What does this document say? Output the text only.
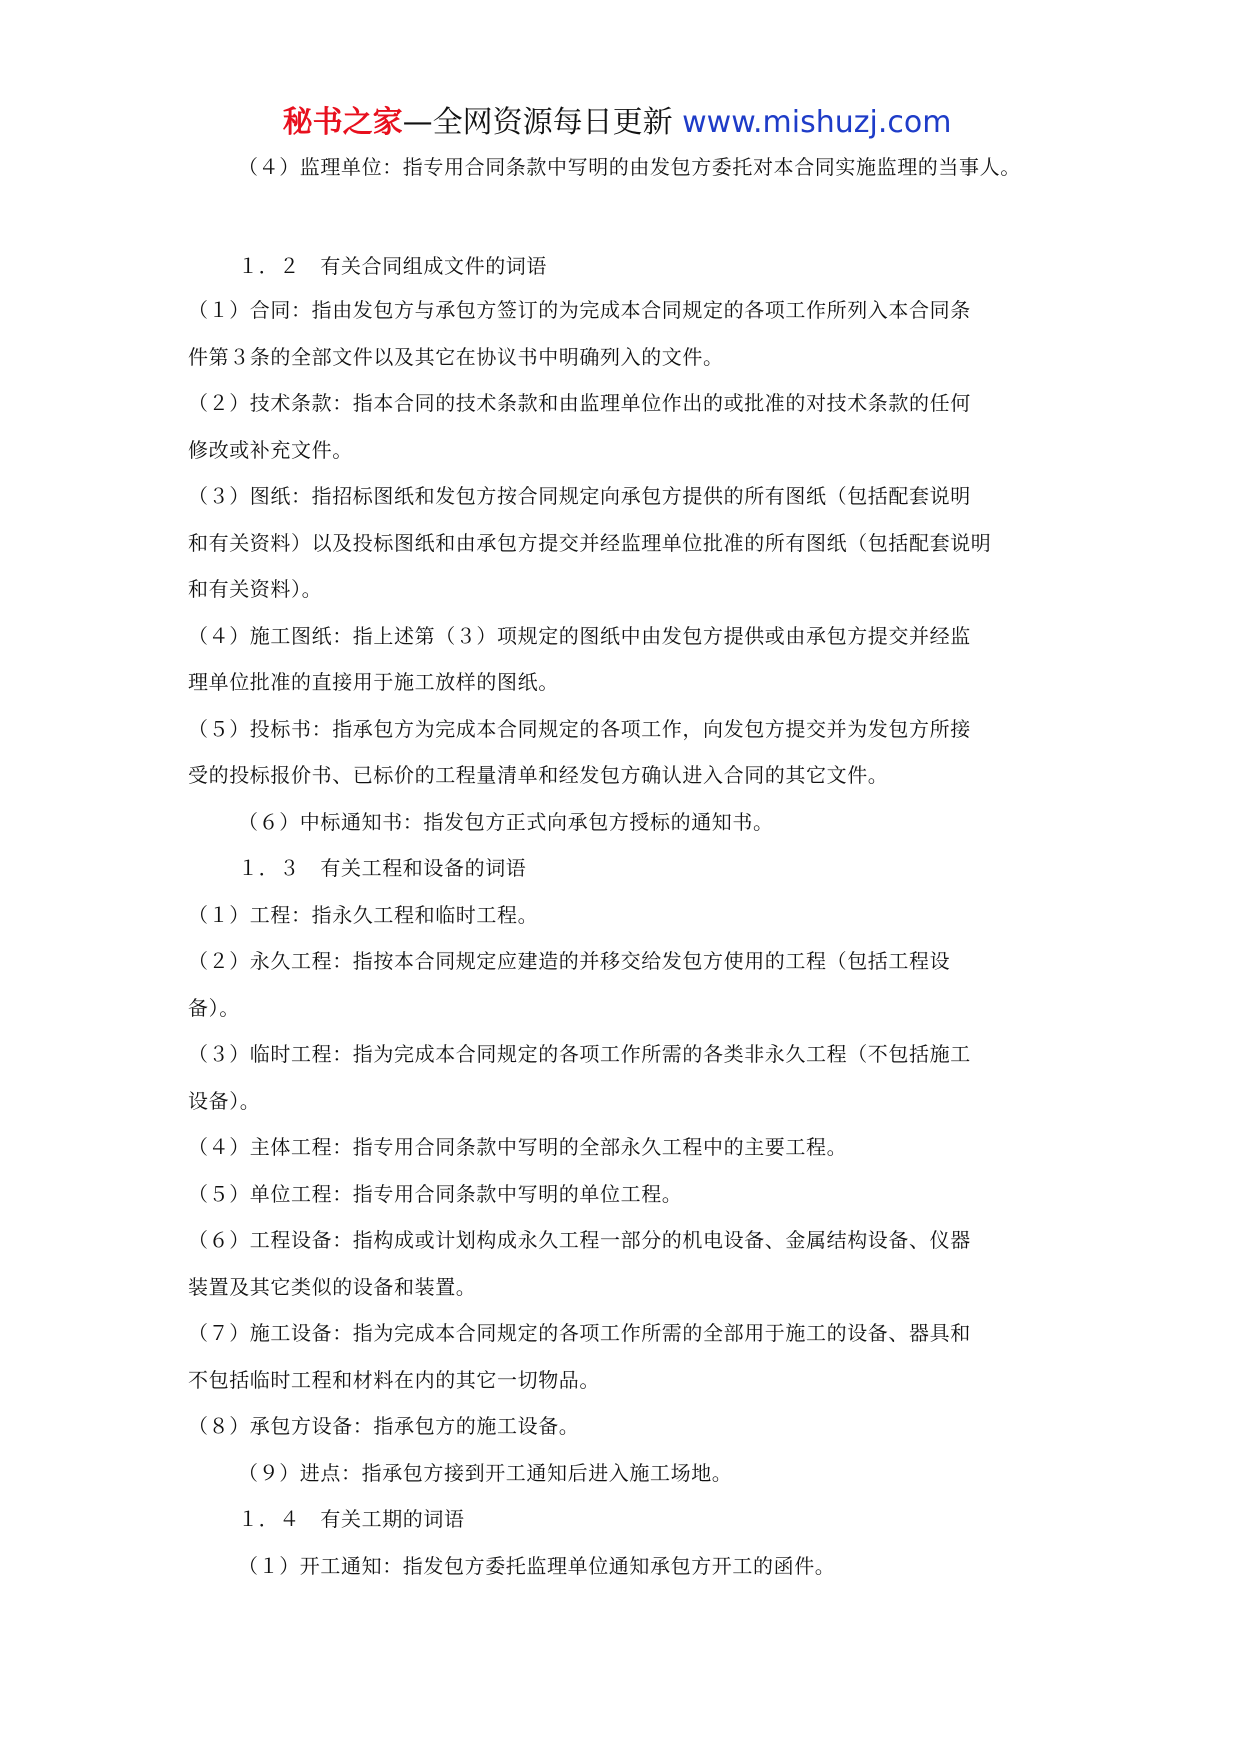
秘书之家—全网资源每日更新 www.mishuzj.com
（４）监理单位：指专用合同条款中写明的由发包方委托对本合同实施监理的当事人。
１．２　有关合同组成文件的词语
（１）合同：指由发包方与承包方签订的为完成本合同规定的各项工作所列入本合同条
件第３条的全部文件以及其它在协议书中明确列入的文件。
（２）技术条款：指本合同的技术条款和由监理单位作出的或批准的对技术条款的任何
修改或补充文件。
（３）图纸：指招标图纸和发包方按合同规定向承包方提供的所有图纸（包括配套说明
和有关资料）以及投标图纸和由承包方提交并经监理单位批准的所有图纸（包括配套说明
和有关资料）。
（４）施工图纸：指上述第（３）项规定的图纸中由发包方提供或由承包方提交并经监
理单位批准的直接用于施工放样的图纸。
（５）投标书：指承包方为完成本合同规定的各项工作，向发包方提交并为发包方所接
受的投标报价书、已标价的工程量清单和经发包方确认进入合同的其它文件。
（６）中标通知书：指发包方正式向承包方授标的通知书。
１．３　有关工程和设备的词语
（１）工程：指永久工程和临时工程。
（２）永久工程：指按本合同规定应建造的并移交给发包方使用的工程（包括工程设
备）。
（３）临时工程：指为完成本合同规定的各项工作所需的各类非永久工程（不包括施工
设备）。
（４）主体工程：指专用合同条款中写明的全部永久工程中的主要工程。
（５）单位工程：指专用合同条款中写明的单位工程。
（６）工程设备：指构成或计划构成永久工程一部分的机电设备、金属结构设备、仪器
装置及其它类似的设备和装置。
（７）施工设备：指为完成本合同规定的各项工作所需的全部用于施工的设备、器具和
不包括临时工程和材料在内的其它一切物品。
（８）承包方设备：指承包方的施工设备。
（９）进点：指承包方接到开工通知后进入施工场地。
１．４　有关工期的词语
（１）开工通知：指发包方委托监理单位通知承包方开工的函件。
